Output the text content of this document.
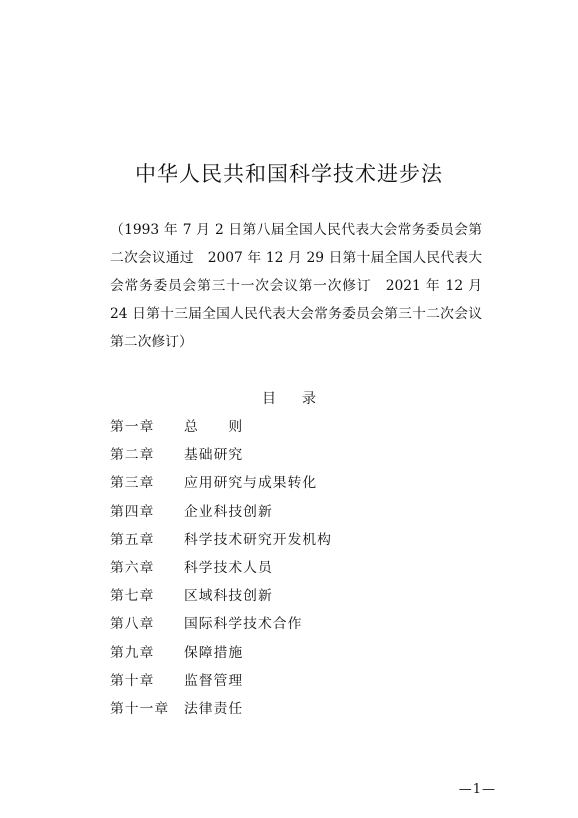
中华人民共和国科学技术进步法

（1993 年 7 月 2 日第八届全国人民代表大会常务委员会第二次会议通过　2007 年 12 月 29 日第十届全国人民代表大会常务委员会第三十一次会议第一次修订　2021 年 12 月 24 日第十三届全国人民代表大会常务委员会第三十二次会议第二次修订）

目录
第一章 总　　则
第二章 基础研究
第三章 应用研究与成果转化
第四章 企业科技创新
第五章 科学技术研究开发机构
第六章 科学技术人员
第七章 区域科技创新
第八章 国际科学技术合作
第九章 保障措施
第十章 监督管理
第十一章 法律责任
—1—
